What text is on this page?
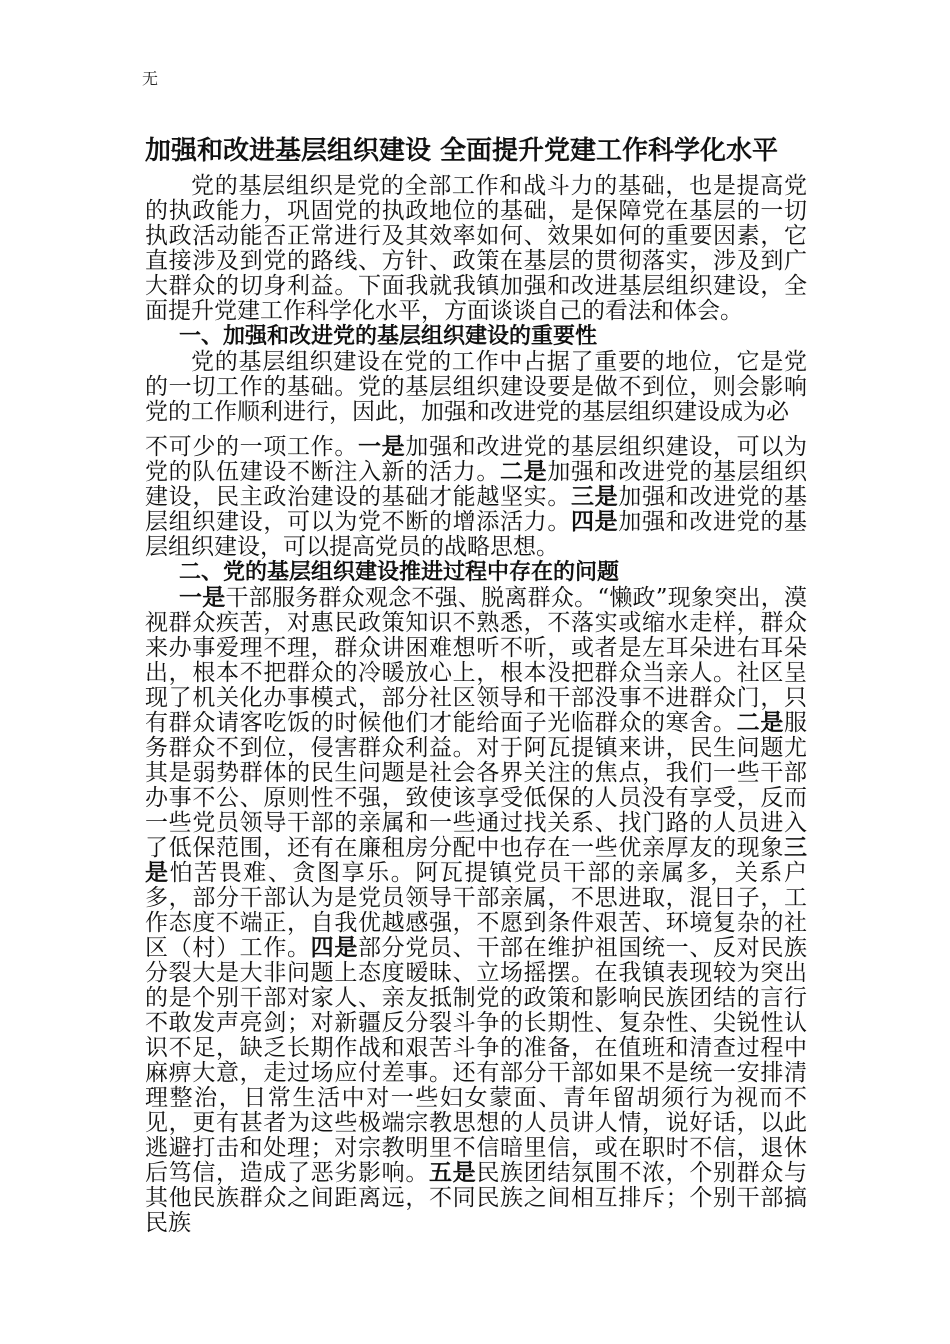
无
加强和改进基层组织建设 全面提升党建工作科学化水平

党的基层组织是党的全部工作和战斗力的基础，也是提高党的执政能力，巩固党的执政地位的基础，是保障党在基层的一切执政活动能否正常进行及其效率如何、效果如何的重要因素，它直接涉及到党的路线、方针、政策在基层的贯彻落实，涉及到广大群众的切身利益。下面我就我镇加强和改进基层组织建设，全面提升党建工作科学化水平，方面谈谈自己的看法和体会。

一、加强和改进党的基层组织建设的重要性

党的基层组织建设在党的工作中占据了重要的地位，它是党的一切工作的基础。党的基层组织建设要是做不到位，则会影响党的工作顺利进行，因此，加强和改进党的基层组织建设成为必

不可少的一项工作。一是加强和改进党的基层组织建设，可以为党的队伍建设不断注入新的活力。二是加强和改进党的基层组织建设，民主政治建设的基础才能越坚实。三是加强和改进党的基层组织建设，可以为党不断的增添活力。四是加强和改进党的基层组织建设，可以提高党员的战略思想。

二、党的基层组织建设推进过程中存在的问题

一是干部服务群众观念不强、脱离群众。“懒政”现象突出，漠视群众疾苦，对惠民政策知识不熟悉，不落实或缩水走样，群众来办事爱理不理，群众讲困难想听不听，或者是左耳朵进右耳朵出，根本不把群众的冷暖放心上，根本没把群众当亲人。社区呈现了机关化办事模式，部分社区领导和干部没事不进群众门，只有群众请客吃饭的时候他们才能给面子光临群众的寒舍。二是服务群众不到位，侵害群众利益。对于阿瓦提镇来讲，民生问题尤其是弱势群体的民生问题是社会各界关注的焦点，我们一些干部办事不公、原则性不强，致使该享受低保的人员没有享受，反而一些党员领导干部的亲属和一些通过找关系、找门路的人员进入了低保范围，还有在廉租房分配中也存在一些优亲厚友的现象三是怕苦畏难、贪图享乐。阿瓦提镇党员干部的亲属多，关系户多，部分干部认为是党员领导干部亲属，不思进取，混日子，工作态度不端正，自我优越感强，不愿到条件艰苦、环境复杂的社区（村）工作。四是部分党员、干部在维护祖国统一、反对民族分裂大是大非问题上态度暧昧、立场摇摆。在我镇表现较为突出的是个别干部对家人、亲友抵制党的政策和影响民族团结的言行不敢发声亮剑；对新疆反分裂斗争的长期性、复杂性、尖锐性认识不足，缺乏长期作战和艰苦斗争的准备，在值班和清查过程中麻痹大意，走过场应付差事。还有部分干部如果不是统一安排清理整治，日常生活中对一些妇女蒙面、青年留胡须行为视而不见，更有甚者为这些极端宗教思想的人员讲人情，说好话，以此逃避打击和处理；对宗教明里不信暗里信，或在职时不信，退休后笃信，造成了恶劣影响。五是民族团结氛围不浓，个别群众与其他民族群众之间距离远，不同民族之间相互排斥；个别干部搞民族
